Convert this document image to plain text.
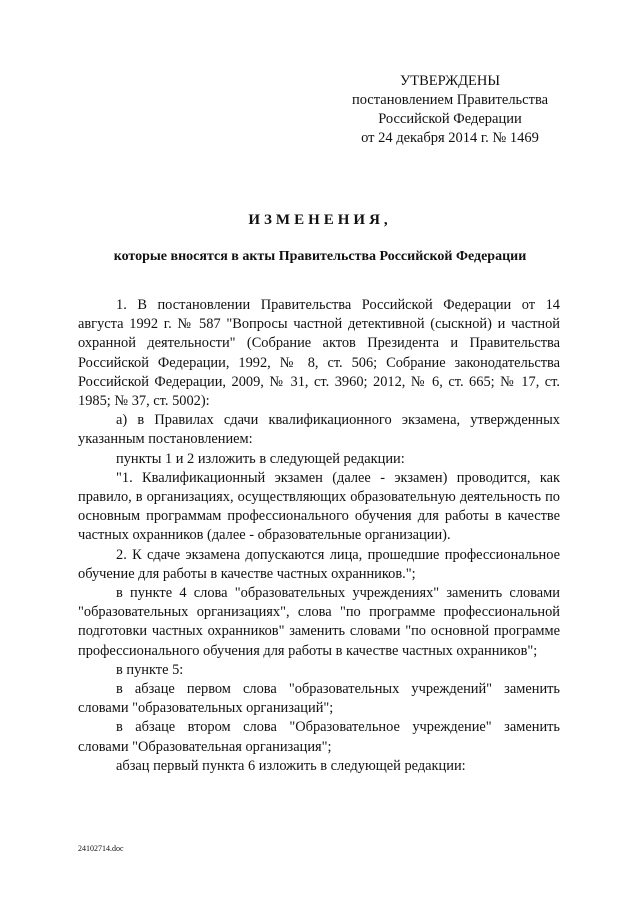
УТВЕРЖДЕНЫ
постановлением Правительства
Российской Федерации
от 24 декабря 2014 г. № 1469
ИЗМЕНЕНИЯ,
которые вносятся в акты Правительства Российской Федерации

1. В постановлении Правительства Российской Федерации от 14 августа 1992 г. № 587 "Вопросы частной детективной (сыскной) и частной охранной деятельности" (Собрание актов Президента и Правительства Российской Федерации, 1992, № 8, ст. 506; Собрание законодательства Российской Федерации, 2009, № 31, ст. 3960; 2012, № 6, ст. 665; № 17, ст. 1985; № 37, ст. 5002):

а) в Правилах сдачи квалификационного экзамена, утвержденных указанным постановлением:

пункты 1 и 2 изложить в следующей редакции:

"1. Квалификационный экзамен (далее - экзамен) проводится, как правило, в организациях, осуществляющих образовательную деятельность по основным программам профессионального обучения для работы в качестве частных охранников (далее - образовательные организации).

2. К сдаче экзамена допускаются лица, прошедшие профессиональное обучение для работы в качестве частных охранников.";

в пункте 4 слова "образовательных учреждениях" заменить словами "образовательных организациях", слова "по программе профессиональной подготовки частных охранников" заменить словами "по основной программе профессионального обучения для работы в качестве частных охранников";

в пункте 5:

в абзаце первом слова "образовательных учреждений" заменить словами "образовательных организаций";

в абзаце втором слова "Образовательное учреждение" заменить словами "Образовательная организация";

абзац первый пункта 6 изложить в следующей редакции:

24102714.doc
